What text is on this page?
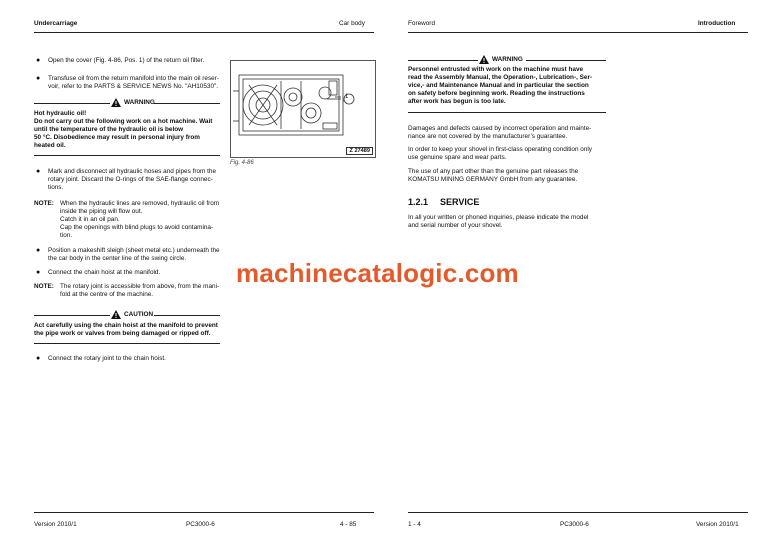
Undercarriage	Car body
● Open the cover (Fig. 4-86, Pos. 1) of the return oil filter.
● Transfuse oil from the return manifold into the main oil reser-
voir, refer to the PARTS & SERVICE NEWS No. "AH10530".
WARNING
Hot hydraulic oil!
Do not carry out the following work on a hot machine. Wait
until the temperature of the hydraulic oil is below
50 °C. Disobedience may result in personal injury from
heated oil.
● Mark and disconnect all hydraulic hoses and pipes from the
rotary joint. Discard the O-rings of the SAE-flange connec-
tions.
NOTE: When the hydraulic lines are removed, hydraulic oil from
inside the piping will flow out.
Catch it in an oil pan.
Cap the openings with blind plugs to avoid contamina-
tion.
● Position a makeshift sleigh (sheet metal etc.) underneath the
the car body in the center line of the swing circle.
● Connect the chain hoist at the manifold.
NOTE: The rotary joint is accessible from above, from the mani-
fold at the centre of the machine.
CAUTION
Act carefully using the chain hoist at the manifold to prevent
the pipe work or valves from being damaged or ripped off.
● Connect the rotary joint to the chain hoist.
1
Z 27489
Fig. 4-86
Version 2010/1	PC3000-6	4 - 85
Foreword	Introduction
WARNING
Personnel entrusted with work on the machine must have
read the Assembly Manual, the Operation-, Lubrication-, Ser-
vice,- and Maintenance Manual and in particular the section
on safety before beginning work. Reading the instructions
after work has begun is too late.
Damages and defects caused by incorrect operation and mainte-
nance are not covered by the manufacturer’s guarantee.
In order to keep your shovel in first-class operating condition only
use genuine spare and wear parts.
The use of any part other than the genuine part releases the
KOMATSU MINING GERMANY GmbH from any guarantee.
1.2.1 SERVICE
In all your written or phoned inquiries, please indicate the model
and serial number of your shovel.
1 - 4	PC3000-6	Version 2010/1
machinecatalogic.com
